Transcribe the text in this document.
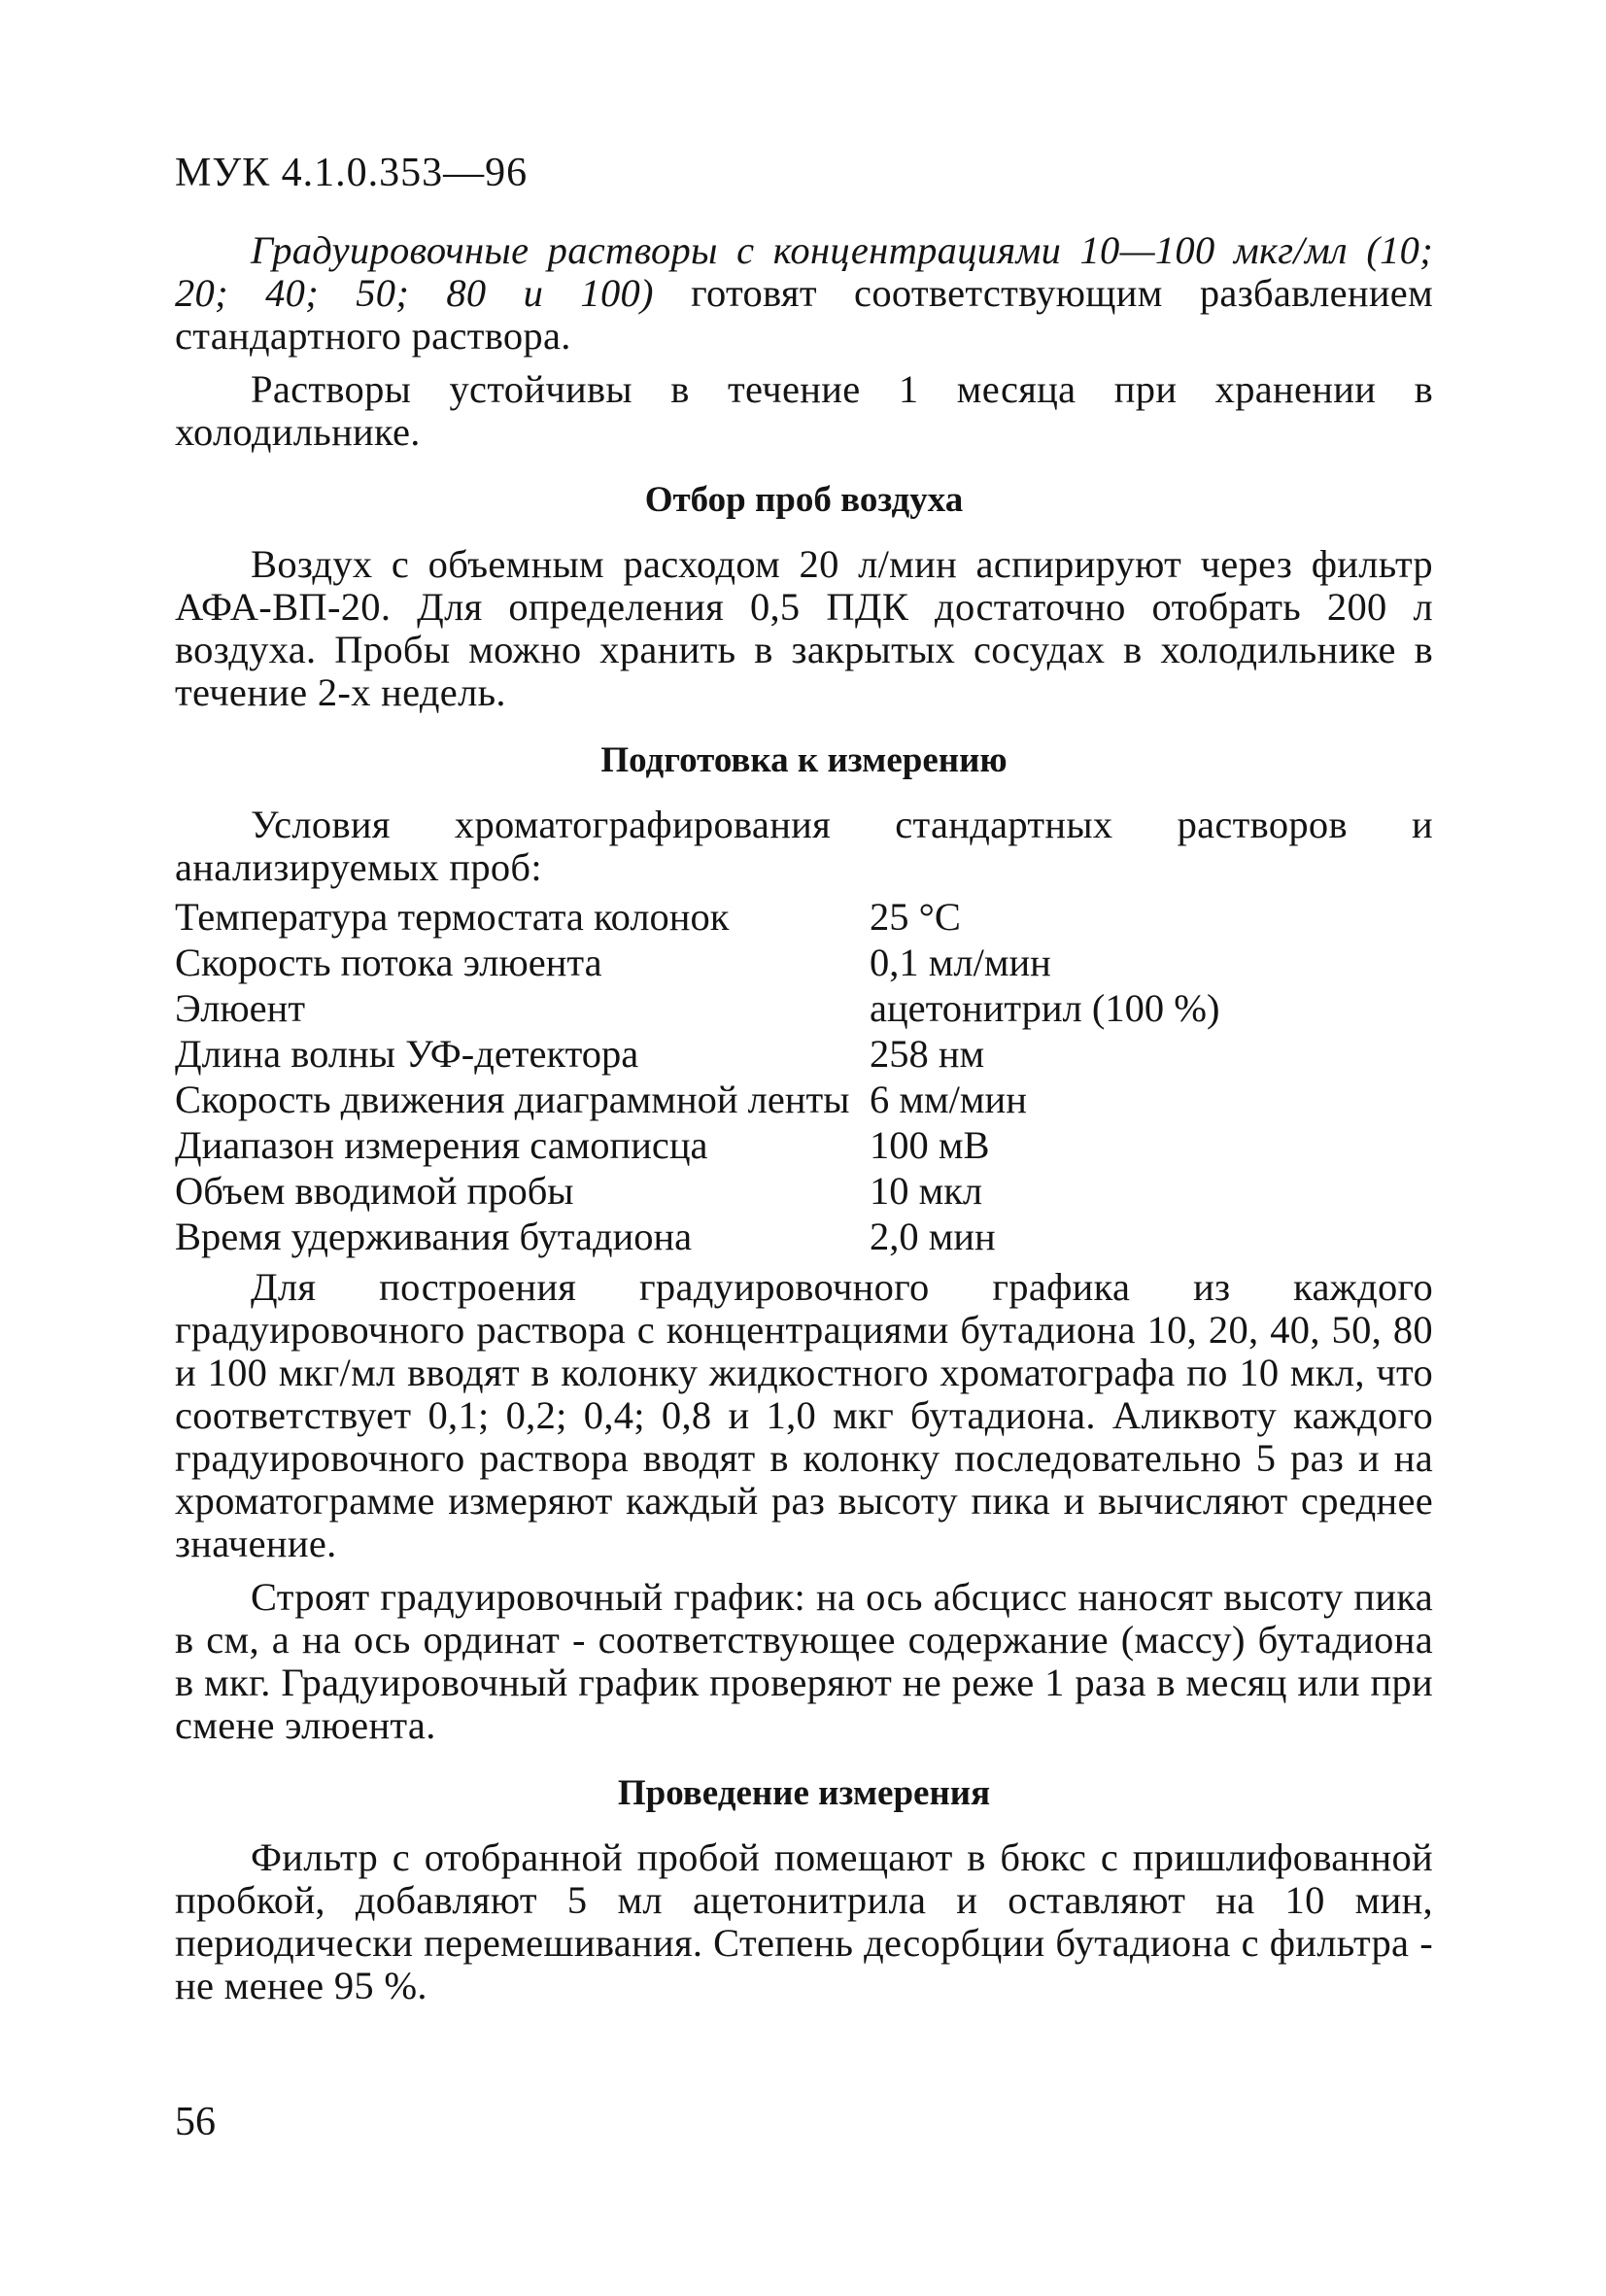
МУК 4.1.0.353—96

Градуировочные растворы с концентрациями 10—100 мкг/мл (10; 20; 40; 50; 80 и 100) готовят соответствующим разбавлением стандартного раствора.

Растворы устойчивы в течение 1 месяца при хранении в холодильнике.

Отбор проб воздуха

Воздух с объемным расходом 20 л/мин аспирируют через фильтр АФА-ВП-20. Для определения 0,5 ПДК достаточно отобрать 200 л воздуха. Пробы можно хранить в закрытых сосудах в холодильнике в течение 2-х недель.

Подготовка к измерению

Условия хроматографирования стандартных растворов и анализируемых проб:

Температура термостата колонок	25 °С
Скорость потока элюента	0,1 мл/мин
Элюент	ацетонитрил (100 %)
Длина волны УФ-детектора	258 нм
Скорость движения диаграммной ленты	6 мм/мин
Диапазон измерения самописца	100 мВ
Объем вводимой пробы	10 мкл
Время удерживания бутадиона	2,0 мин

Для построения градуировочного графика из каждого градуировочного раствора с концентрациями бутадиона 10, 20, 40, 50, 80 и 100 мкг/мл вводят в колонку жидкостного хроматографа по 10 мкл, что соответствует 0,1; 0,2; 0,4; 0,8 и 1,0 мкг бутадиона. Аликвоту каждого градуировочного раствора вводят в колонку последовательно 5 раз и на хроматограмме измеряют каждый раз высоту пика и вычисляют среднее значение.

Строят градуировочный график: на ось абсцисс наносят высоту пика в см, а на ось ординат - соответствующее содержание (массу) бутадиона в мкг. Градуировочный график проверяют не реже 1 раза в месяц или при смене элюента.

Проведение измерения

Фильтр с отобранной пробой помещают в бюкс с пришлифованной пробкой, добавляют 5 мл ацетонитрила и оставляют на 10 мин, периодически перемешивания. Степень десорбции бутадиона с фильтра - не менее 95 %.

56
